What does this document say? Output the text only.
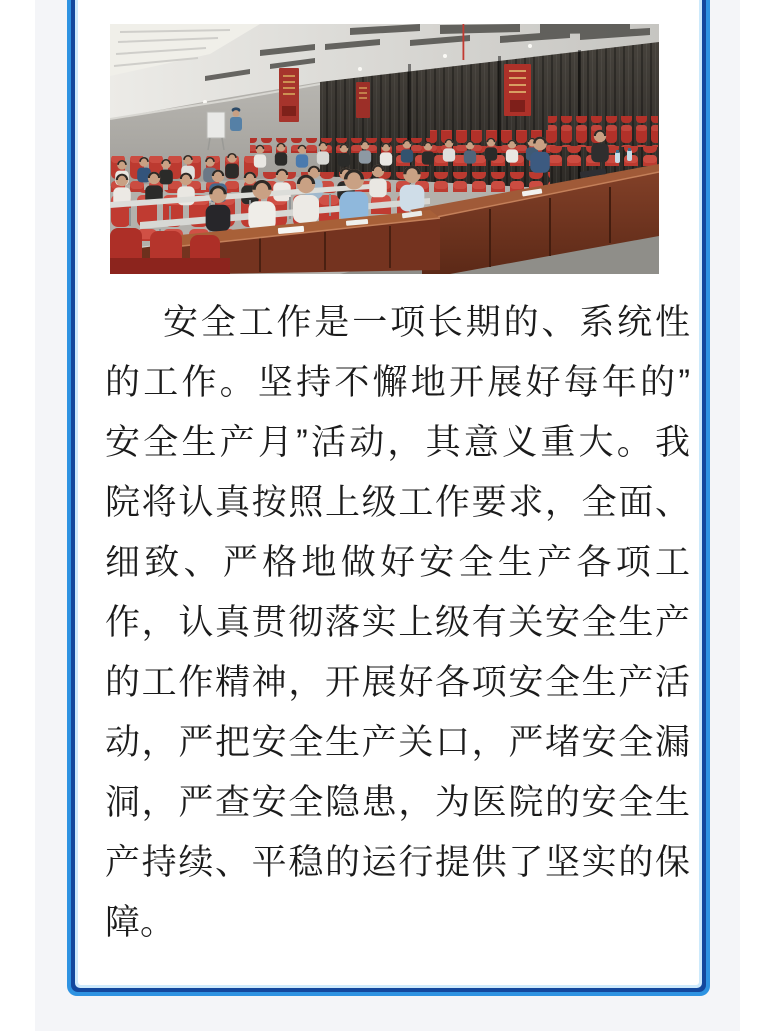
安全工作是一项长期的、系统性
的工作。坚持不懈地开展好每年的”
安全生产月”活动，其意义重大。我
院将认真按照上级工作要求，全面、
细致、严格地做好安全生产各项工
作，认真贯彻落实上级有关安全生产
的工作精神，开展好各项安全生产活
动，严把安全生产关口，严堵安全漏
洞，严查安全隐患，为医院的安全生
产持续、平稳的运行提供了坚实的保
障。
